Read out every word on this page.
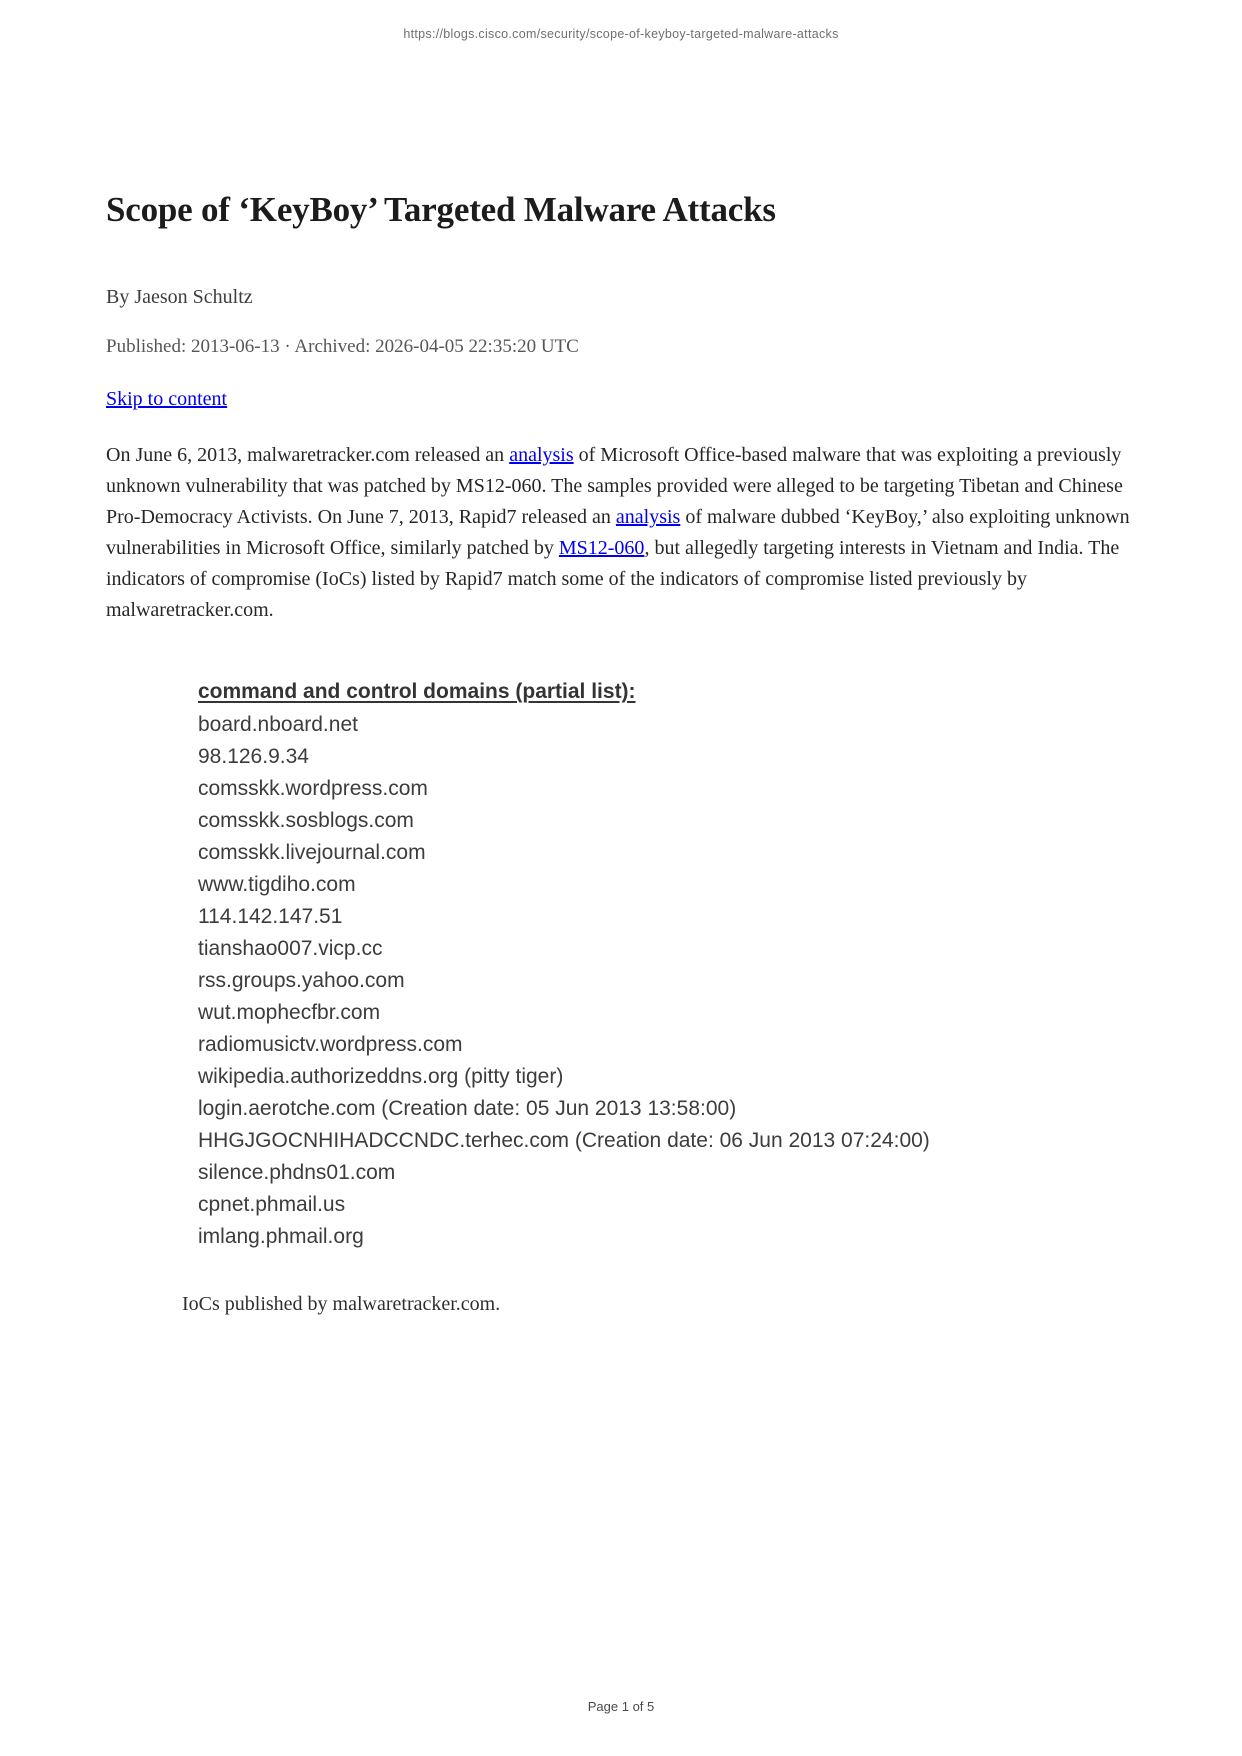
https://blogs.cisco.com/security/scope-of-keyboy-targeted-malware-attacks
Scope of ‘KeyBoy’ Targeted Malware Attacks
By Jaeson Schultz
Published: 2013-06-13 · Archived: 2026-04-05 22:35:20 UTC
Skip to content

On June 6, 2013, malwaretracker.com released an analysis of Microsoft Office-based malware that was exploiting a previously unknown vulnerability that was patched by MS12-060. The samples provided were alleged to be targeting Tibetan and Chinese Pro-Democracy Activists. On June 7, 2013, Rapid7 released an analysis of malware dubbed ‘KeyBoy,’ also exploiting unknown vulnerabilities in Microsoft Office, similarly patched by MS12-060, but allegedly targeting interests in Vietnam and India. The indicators of compromise (IoCs) listed by Rapid7 match some of the indicators of compromise listed previously by malwaretracker.com.

command and control domains (partial list):
board.nboard.net
98.126.9.34
comsskk.wordpress.com
comsskk.sosblogs.com
comsskk.livejournal.com
www.tigdiho.com
114.142.147.51
tianshao007.vicp.cc
rss.groups.yahoo.com
wut.mophecfbr.com
radiomusictv.wordpress.com
wikipedia.authorizeddns.org (pitty tiger)
login.aerotche.com (Creation date: 05 Jun 2013 13:58:00)
HHGJGOCNHIHADCCNDC.terhec.com (Creation date: 06 Jun 2013 07:24:00)
silence.phdns01.com
cpnet.phmail.us
imlang.phmail.org
IoCs published by malwaretracker.com.
Page 1 of 5
